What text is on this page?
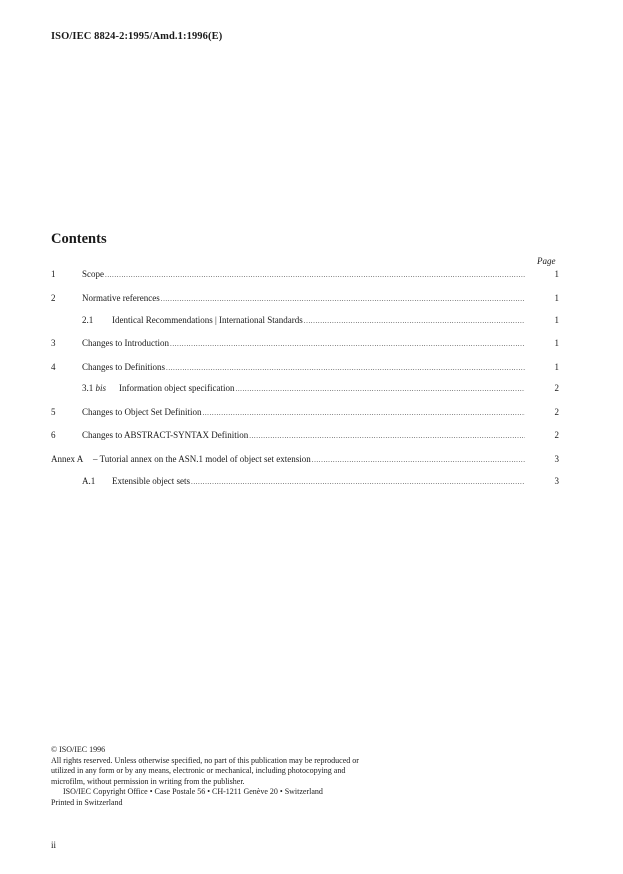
ISO/IEC 8824-2:1995/Amd.1:1996(E)
Contents
Page
1	Scope .....	1
2	Normative references .....	1
2.1 Identical Recommendations | International Standards .....	1
3	Changes to Introduction .....	1
4	Changes to Definitions .....	1
3.1 bis Information object specification .....	2
5	Changes to Object Set Definition .....	2
6	Changes to ABSTRACT-SYNTAX Definition .....	2
Annex A – Tutorial annex on the ASN.1 model of object set extension .....	3
A.1 Extensible object sets .....	3
© ISO/IEC 1996
All rights reserved. Unless otherwise specified, no part of this publication may be reproduced or
utilized in any form or by any means, electronic or mechanical, including photocopying and
microfilm, without permission in writing from the publisher.
ISO/IEC Copyright Office • Case Postale 56 • CH-1211 Genève 20 • Switzerland
Printed in Switzerland
ii
